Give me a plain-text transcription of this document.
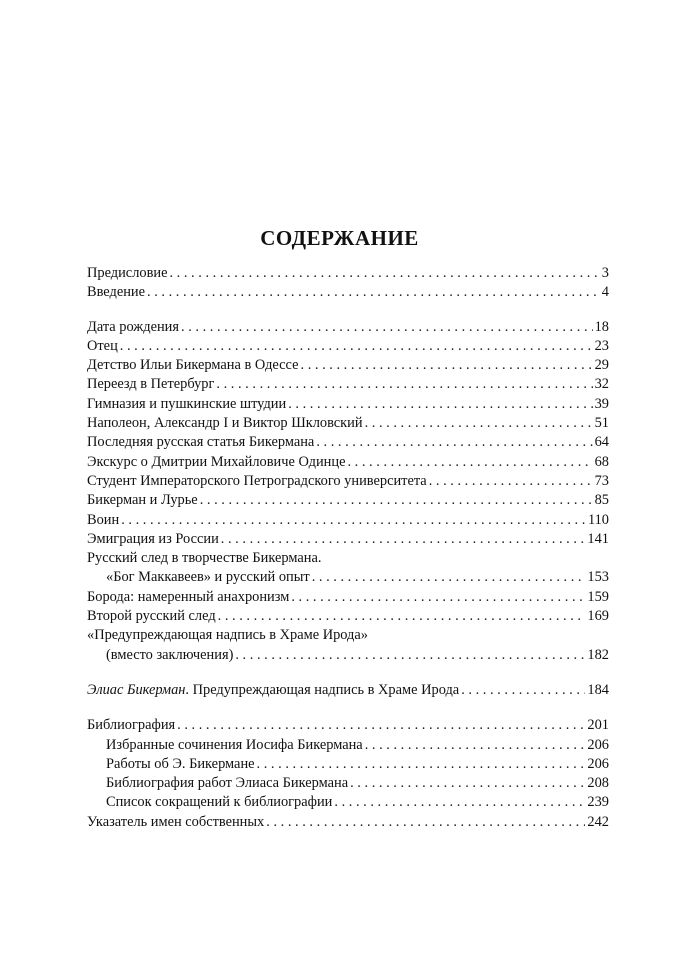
СОДЕРЖАНИЕ
Предисловие . . .	3
Введение . . .	4
Дата рождения . . .	18
Отец . . .	23
Детство Ильи Бикермана в Одессе . . .	29
Переезд в Петербург . . .	32
Гимназия и пушкинские штудии . . .	39
Наполеон, Александр I и Виктор Шкловский . . .	51
Последняя русская статья Бикермана . . .	64
Экскурс о Дмитрии Михайловиче Одинце . . .	68
Студент Императорского Петроградского университета . . .	73
Бикерман и Лурье . . .	85
Воин . . .	110
Эмиграция из России . . .	141
Русский след в творчестве Бикермана.
«Бог Маккавеев» и русский опыт . . .	153
Борода: намеренный анахронизм . . .	159
Второй русский след . . .	169
«Предупреждающая надпись в Храме Ирода»
(вместо заключения) . . .	182
Элиас Бикерман. Предупреждающая надпись в Храме Ирода . . .	184
Библиография . . .	201
Избранные сочинения Иосифа Бикермана . . .	206
Работы об Э. Бикермане . . .	206
Библиография работ Элиаса Бикермана . . .	208
Список сокращений к библиографии . . .	239
Указатель имен собственных . . .	242
